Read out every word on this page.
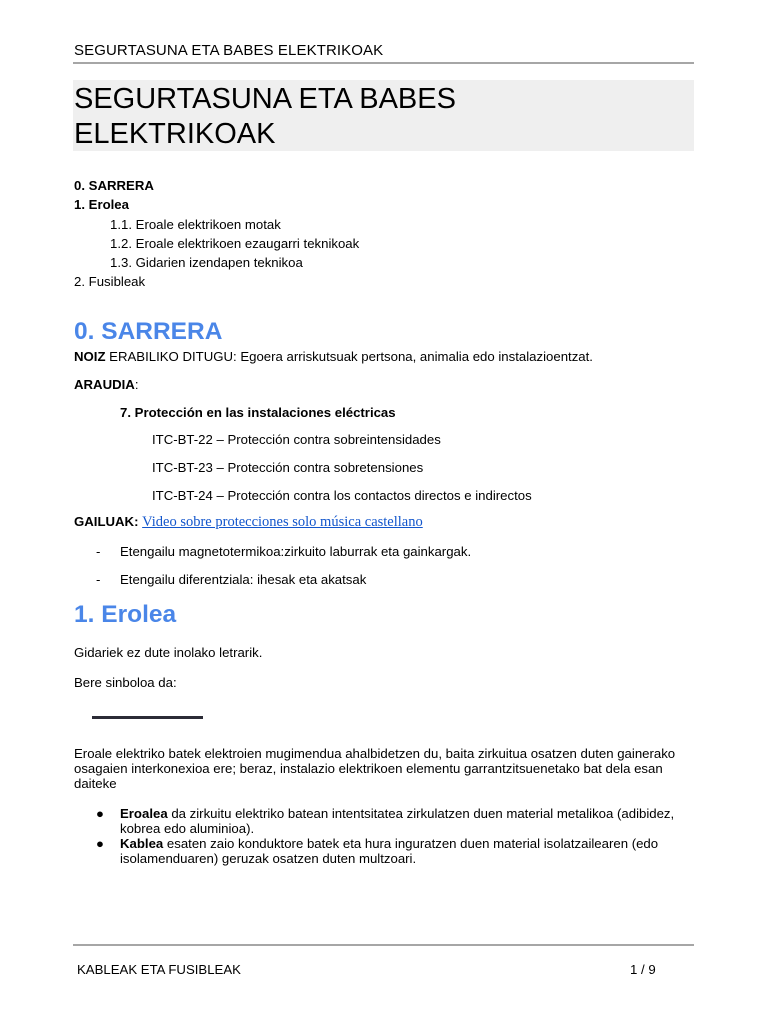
SEGURTASUNA ETA BABES ELEKTRIKOAK
SEGURTASUNA ETA BABES
ELEKTRIKOAK
0. SARRERA
1. Erolea
1.1. Eroale elektrikoen motak
1.2. Eroale elektrikoen ezaugarri teknikoak
1.3. Gidarien izendapen teknikoa
2. Fusibleak
0. SARRERA
NOIZ ERABILIKO DITUGU: Egoera arriskutsuak pertsona, animalia edo instalazioentzat.
ARAUDIA:
7. Protección en las instalaciones eléctricas
ITC-BT-22 – Protección contra sobreintensidades
ITC-BT-23 – Protección contra sobretensiones
ITC-BT-24 – Protección contra los contactos directos e indirectos
GAILUAK: Video sobre protecciones solo música castellano
- Etengailu magnetotermikoa:zirkuito laburrak eta gainkargak.
- Etengailu diferentziala: ihesak eta akatsak
1. Erolea
Gidariek ez dute inolako letrarik.
Bere sinboloa da:
Eroale elektriko batek elektroien mugimendua ahalbidetzen du, baita zirkuitua osatzen duten gainerako osagaien interkonexioa ere; beraz, instalazio elektrikoen elementu garrantzitsuenetako bat dela esan daiteke
● Eroalea da zirkuitu elektriko batean intentsitatea zirkulatzen duen material metalikoa (adibidez, kobrea edo aluminioa).
● Kablea esaten zaio konduktore batek eta hura inguratzen duen material isolatzailearen (edo isolamenduaren) geruzak osatzen duten multzoari.
KABLEAK ETA FUSIBLEAK	1 / 9
